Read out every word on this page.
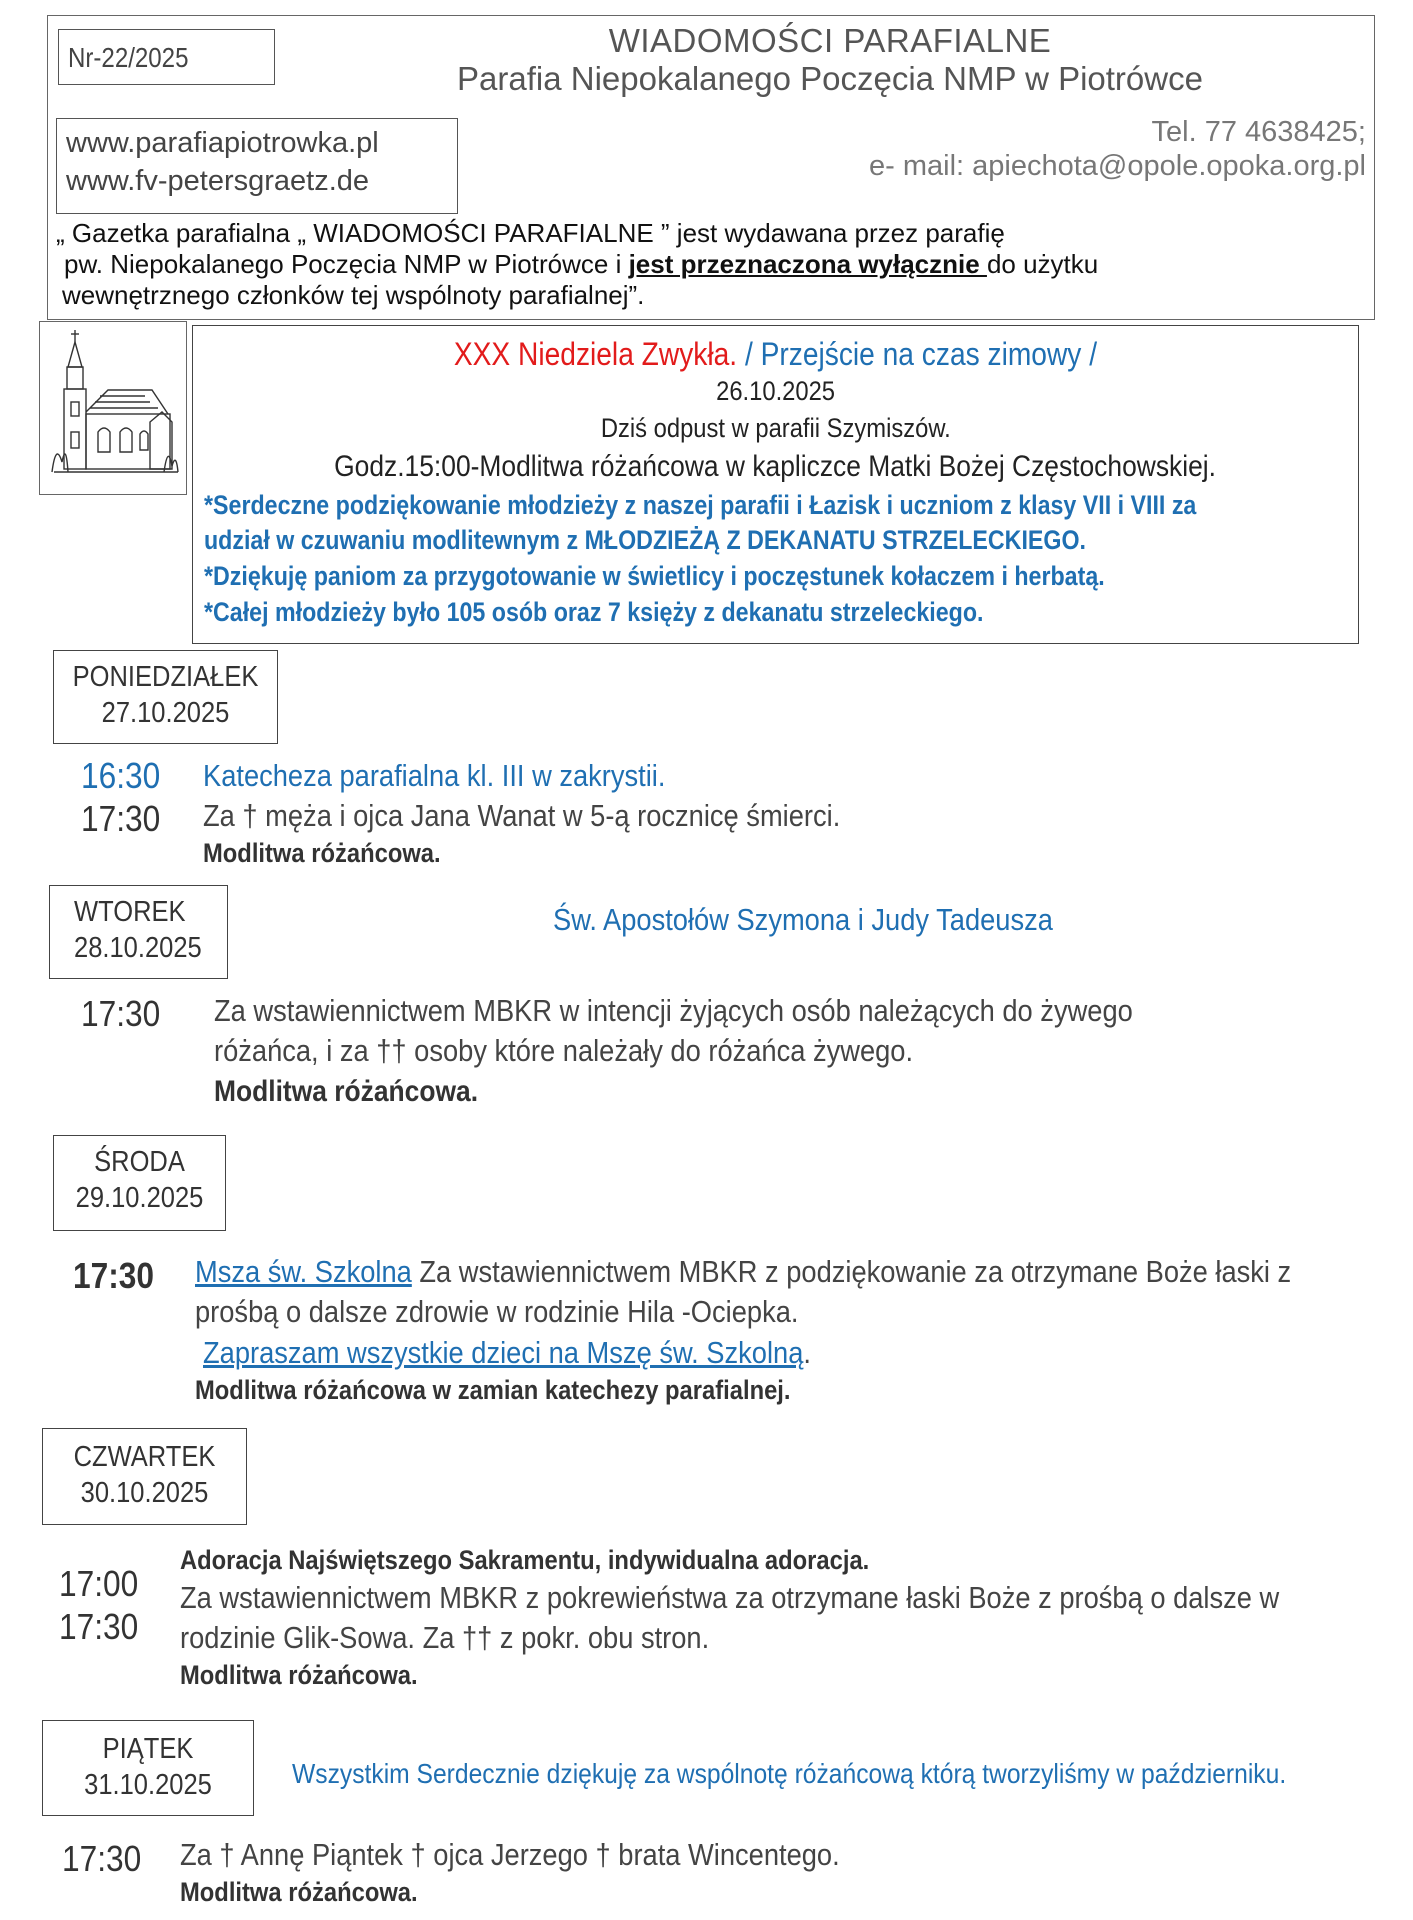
Nr-22/2025	WIADOMOŚCI PARAFIALNE
Parafia Niepokalanego Poczęcia NMP w Piotrówce
www.parafiapiotrowka.pl
www.fv-petersgraetz.de
Tel. 77 4638425;
e- mail: apiechota@opole.opoka.org.pl
„ Gazetka parafialna „ WIADOMOŚCI PARAFIALNE ” jest wydawana przez parafię
pw. Niepokalanego Poczęcia NMP w Piotrówce i jest przeznaczona wyłącznie do użytku
wewnętrznego członków tej wspólnoty parafialnej”.
XXX Niedziela Zwykła. / Przejście na czas zimowy /
26.10.2025
Dziś odpust w parafii Szymiszów.
Godz.15:00-Modlitwa różańcowa w kapliczce Matki Bożej Częstochowskiej.
*Serdeczne podziękowanie młodzieży z naszej parafii i Łazisk i uczniom z klasy VII i VIII za
udział w czuwaniu modlitewnym z MŁODZIEŻĄ Z DEKANATU STRZELECKIEGO.
*Dziękuję paniom za przygotowanie w świetlicy i poczęstunek kołaczem i herbatą.
*Całej młodzieży było 105 osób oraz 7 księży z dekanatu strzeleckiego.
PONIEDZIAŁEK
27.10.2025
16:30 Katecheza parafialna kl. III w zakrystii.
17:30 Za † męża i ojca Jana Wanat w 5-ą rocznicę śmierci.
Modlitwa różańcowa.
WTOREK
28.10.2025
Św. Apostołów Szymona i Judy Tadeusza
17:30 Za wstawiennictwem MBKR w intencji żyjących osób należących do żywego
różańca, i za †† osoby które należały do różańca żywego.
Modlitwa różańcowa.
ŚRODA
29.10.2025
17:30 Msza św. Szkolna Za wstawiennictwem MBKR z podziękowanie za otrzymane Boże łaski z
prośbą o dalsze zdrowie w rodzinie Hila -Ociepka.
Zapraszam wszystkie dzieci na Mszę św. Szkolną.
Modlitwa różańcowa w zamian katechezy parafialnej.
CZWARTEK
30.10.2025
17:00
17:30
Adoracja Najświętszego Sakramentu, indywidualna adoracja.
Za wstawiennictwem MBKR z pokrewieństwa za otrzymane łaski Boże z prośbą o dalsze w
rodzinie Glik-Sowa. Za †† z pokr. obu stron.
Modlitwa różańcowa.
PIĄTEK
31.10.2025	Wszystkim Serdecznie dziękuję za wspólnotę różańcową którą tworzyliśmy w październiku.
17:30 Za † Annę Piąntek † ojca Jerzego † brata Wincentego.
Modlitwa różańcowa.
